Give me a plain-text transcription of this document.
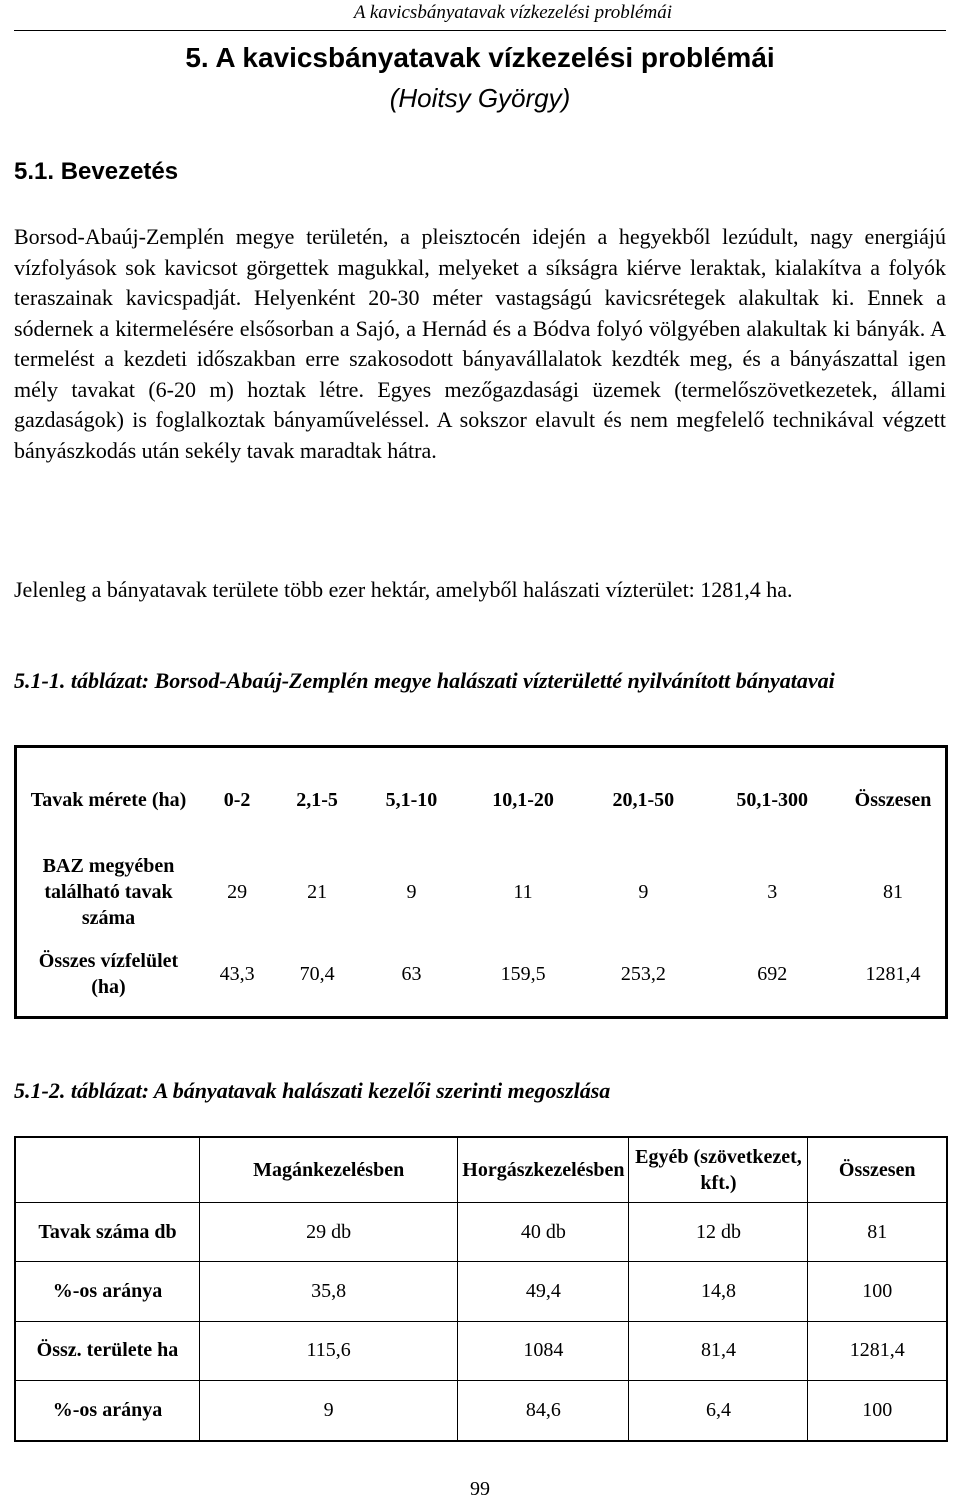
A kavicsbányatavak vízkezelési problémái
5. A kavicsbányatavak vízkezelési problémái
(Hoitsy György)
5.1. Bevezetés

Borsod-Abaúj-Zemplén megye területén, a pleisztocén idején a hegyekből lezúdult, nagy energiájú vízfolyások sok kavicsot görgettek magukkal, melyeket a síkságra kiérve leraktak, kialakítva a folyók teraszainak kavicspadját. Helyenként 20-30 méter vastagságú kavicsrétegek alakultak ki. Ennek a sódernek a kitermelésére elsősorban a Sajó, a Hernád és a Bódva folyó völgyében alakultak ki bányák. A termelést a kezdeti időszakban erre szakosodott bányavállalatok kezdték meg, és a bányászattal igen mély tavakat (6-20 m) hoztak létre. Egyes mezőgazdasági üzemek (termelőszövetkezetek, állami gazdaságok) is foglalkoztak bányaműveléssel. A sokszor elavult és nem megfelelő technikával végzett bányászkodás után sekély tavak maradtak hátra.

Jelenleg a bányatavak területe több ezer hektár, amelyből halászati vízterület: 1281,4 ha.

5.1-1. táblázat: Borsod-Abaúj-Zemplén megye halászati vízterületté nyilvánított bányatavai

Tavak mérete (ha)	0-2	2,1-5	5,1-10	10,1-20	20,1-50	50,1-300	Összesen
BAZ megyében található tavak száma	29	21	9	11	9	3	81
Összes vízfelület (ha)	43,3	70,4	63	159,5	253,2	692	1281,4

5.1-2. táblázat: A bányatavak halászati kezelői szerinti megoszlása

	Magánkezelésben	Horgászkezelésben	Egyéb (szövetkezet, kft.)	Összesen
Tavak száma db	29 db	40 db	12 db	81
%-os aránya	35,8	49,4	14,8	100
Össz. területe ha	115,6	1084	81,4	1281,4
%-os aránya	9	84,6	6,4	100
99
